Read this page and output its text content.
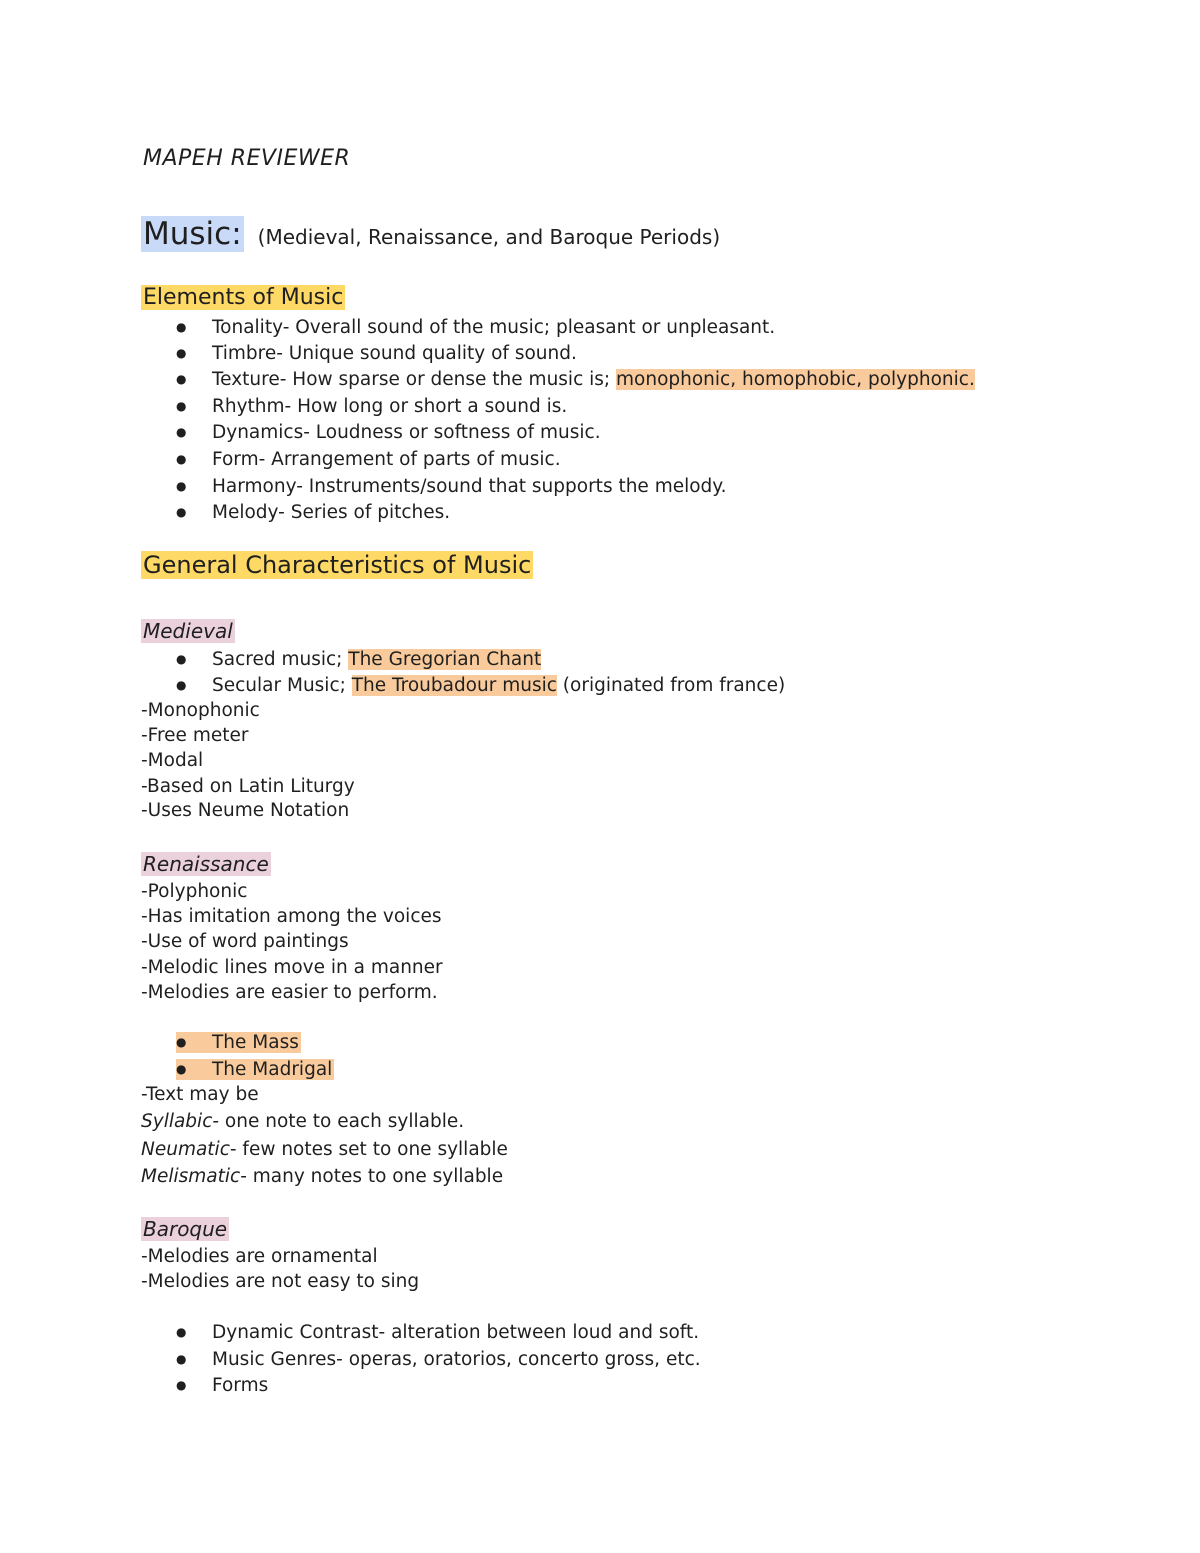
MAPEH REVIEWER
Music: (Medieval, Renaissance, and Baroque Periods)
Elements of Music
● Tonality- Overall sound of the music; pleasant or unpleasant.
● Timbre- Unique sound quality of sound.
● Texture- How sparse or dense the music is; monophonic, homophobic, polyphonic.
● Rhythm- How long or short a sound is.
● Dynamics- Loudness or softness of music.
● Form- Arrangement of parts of music.
● Harmony- Instruments/sound that supports the melody.
● Melody- Series of pitches.
General Characteristics of Music
Medieval
● Sacred music; The Gregorian Chant
● Secular Music; The Troubadour music (originated from france)
-Monophonic
-Free meter
-Modal
-Based on Latin Liturgy
-Uses Neume Notation
Renaissance
-Polyphonic
-Has imitation among the voices
-Use of word paintings
-Melodic lines move in a manner
-Melodies are easier to perform.
● The Mass
● The Madrigal
-Text may be
Syllabic- one note to each syllable.
Neumatic- few notes set to one syllable
Melismatic- many notes to one syllable
Baroque
-Melodies are ornamental
-Melodies are not easy to sing
● Dynamic Contrast- alteration between loud and soft.
● Music Genres- operas, oratorios, concerto gross, etc.
● Forms
